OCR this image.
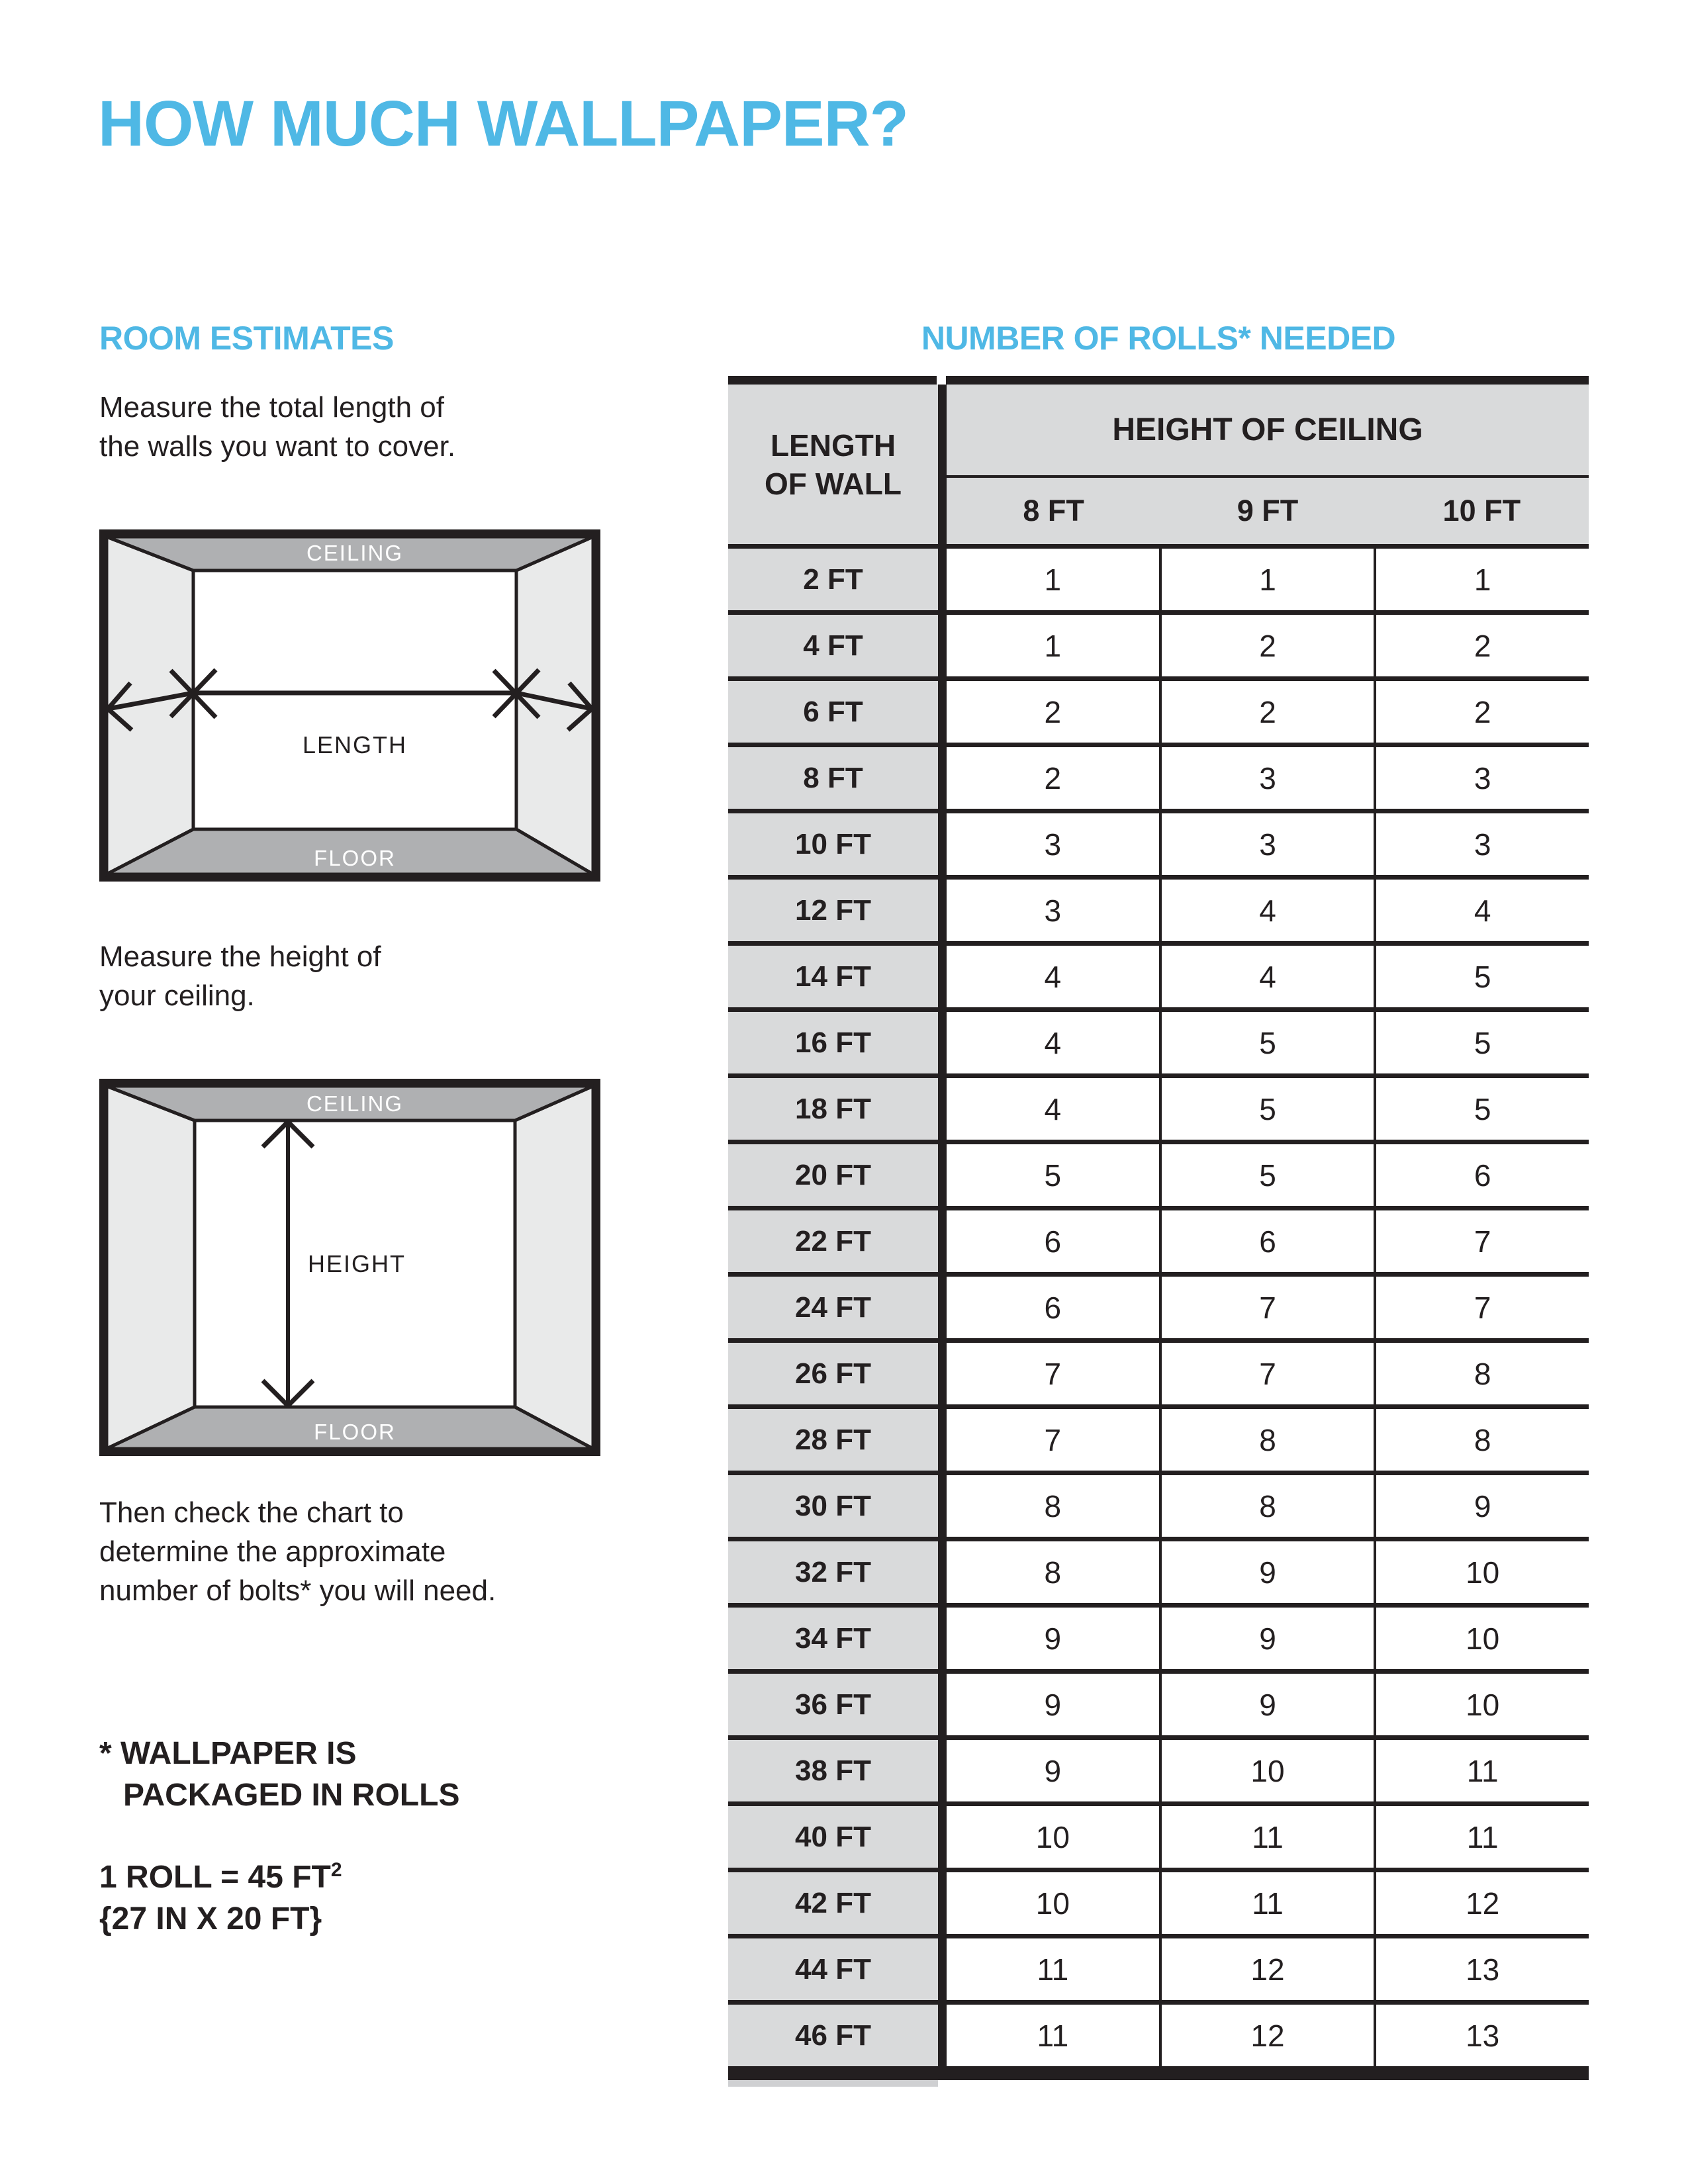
HOW MUCH WALLPAPER?
ROOM ESTIMATES	NUMBER OF ROLLS* NEEDED
Measure the total length of
the walls you want to cover.
CEILING
FLOOR
LENGTH
Measure the height of
your ceiling.
CEILING
FLOOR
HEIGHT
Then check the chart to
determine the approximate
number of bolts* you will need.
* WALLPAPER IS
PACKAGED IN ROLLS
1 ROLL = 45 $FT^2$
{27 IN X 20 FT}
LENGTH
OF WALL
HEIGHT OF CEILING
8 FT	9 FT	10 FT
2 FT	1	1	1
4 FT	1	2	2
6 FT	2	2	2
8 FT	2	3	3
10 FT	3	3	3
12 FT	3	4	4
14 FT	4	4	5
16 FT	4	5	5
18 FT	4	5	5
20 FT	5	5	6
22 FT	6	6	7
24 FT	6	7	7
26 FT	7	7	8
28 FT	7	8	8
30 FT	8	8	9
32 FT	8	9	10
34 FT	9	9	10
36 FT	9	9	10
38 FT	9	10	11
40 FT	10	11	11
42 FT	10	11	12
44 FT	11	12	13
46 FT	11	12	13
